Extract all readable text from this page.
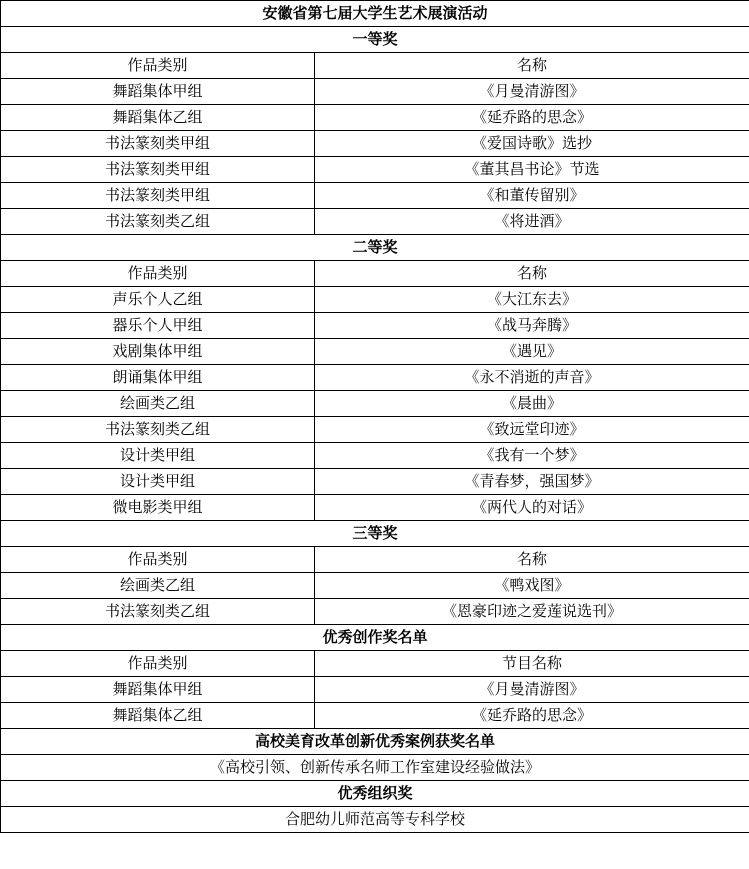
安徽省第七届大学生艺术展演活动	
一等奖	
作品类别	名称
舞蹈集体甲组	《月曼清游图》
舞蹈集体乙组	《延乔路的思念》
书法篆刻类甲组	《爱国诗歌》选抄
书法篆刻类甲组	《董其昌书论》节选
书法篆刻类甲组	《和董传留别》
书法篆刻类乙组	《将进酒》
二等奖	
作品类别	名称
声乐个人乙组	《大江东去》
器乐个人甲组	《战马奔腾》
戏剧集体甲组	《遇见》
朗诵集体甲组	《永不消逝的声音》
绘画类乙组	《晨曲》
书法篆刻类乙组	《致远堂印迹》
设计类甲组	《我有一个梦》
设计类甲组	《青春梦，强国梦》
微电影类甲组	《两代人的对话》
三等奖	
作品类别	名称
绘画类乙组	《鸭戏图》
书法篆刻类乙组	《恩豪印迹之爱莲说选刊》
优秀创作奖名单	
作品类别	节目名称
舞蹈集体甲组	《月曼清游图》
舞蹈集体乙组	《延乔路的思念》
高校美育改革创新优秀案例获奖名单	
《高校引领、创新传承名师工作室建设经验做法》	
优秀组织奖	
合肥幼儿师范高等专科学校	
